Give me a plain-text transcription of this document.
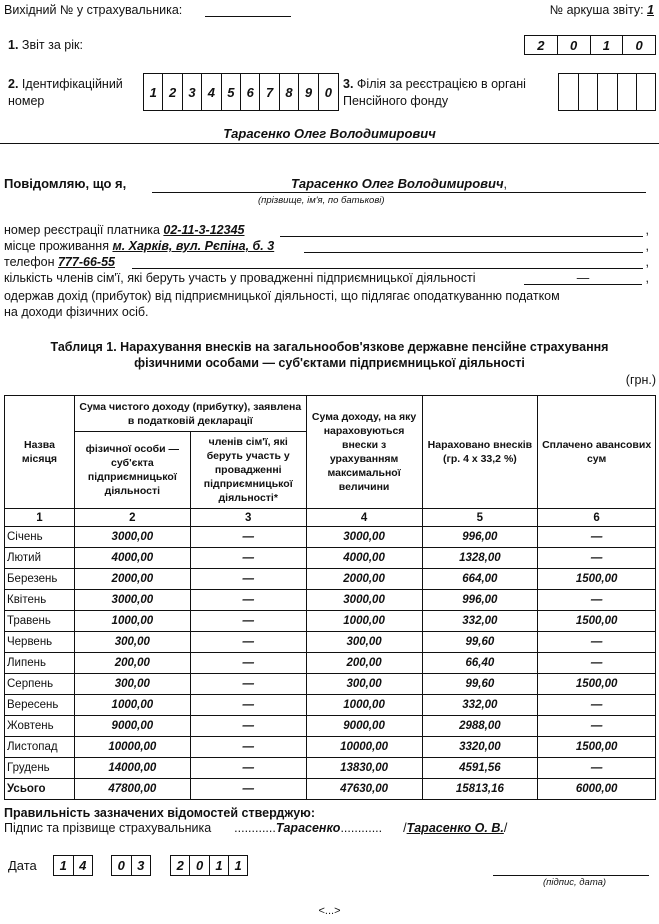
Вихідний № у страхувальника:	№ аркуша звіту: 1
1. Звіт за рік:	2	0	1	0
2. Ідентифікаційний
номер
1 2 3 4 5 6 7 8 9 0
3. Філія за реєстрацією в органі
Пенсійного фонду
Тарасенко Олег Володимирович
Повідомляю, що я,	Тарасенко Олег Володимирович,
(прізвище, ім'я, по батькові)
номер реєстрації платника 02-11-3-12345	,
місце проживання м. Харків, вул. Рєпіна, б. 3	,
телефон 777-66-55	,
кількість членів сім'ї, які беруть участь у провадженні підприємницької діяльності	—	,
одержав дохід (прибуток) від підприємницької діяльності, що підлягає оподаткуванню податком
на доходи фізичних осіб.
Таблиця 1. Нарахування внесків на загальнообов'язкове державне пенсійне страхування
фізичними особами — суб'єктами підприємницької діяльності
(грн.)
Назва місяця	Сума чистого доходу (прибутку), заявлена в податковій декларації		Сума доходу, на яку нараховуються внески з урахуванням максимальної величини	Нараховано внесків (гр. 4 х 33,2 %)	Сплачено авансових сум
	фізичної особи — суб'єкта підприємницької діяльності	членів сім'ї, які беруть участь у провадженні підприємницької діяльності*			
1	2	3	4	5	6
Січень	3000,00	—	3000,00	996,00	—
Лютий	4000,00	—	4000,00	1328,00	—
Березень	2000,00	—	2000,00	664,00	1500,00
Квітень	3000,00	—	3000,00	996,00	—
Травень	1000,00	—	1000,00	332,00	1500,00
Червень	300,00	—	300,00	99,60	—
Липень	200,00	—	200,00	66,40	—
Серпень	300,00	—	300,00	99,60	1500,00
Вересень	1000,00	—	1000,00	332,00	—
Жовтень	9000,00	—	9000,00	2988,00	—
Листопад	10000,00	—	10000,00	3320,00	1500,00
Грудень	14000,00	—	13830,00	4591,56	—
Усього	47800,00	—	47630,00	15813,16	6000,00
Правильність зазначених відомостей стверджую:
Підпис та прізвище страхувальника ............Тарасенко............ /Тарасенко О. В./
Дата	1 4	0 3	2 0 1 1
(підпис, дата)
<...>
